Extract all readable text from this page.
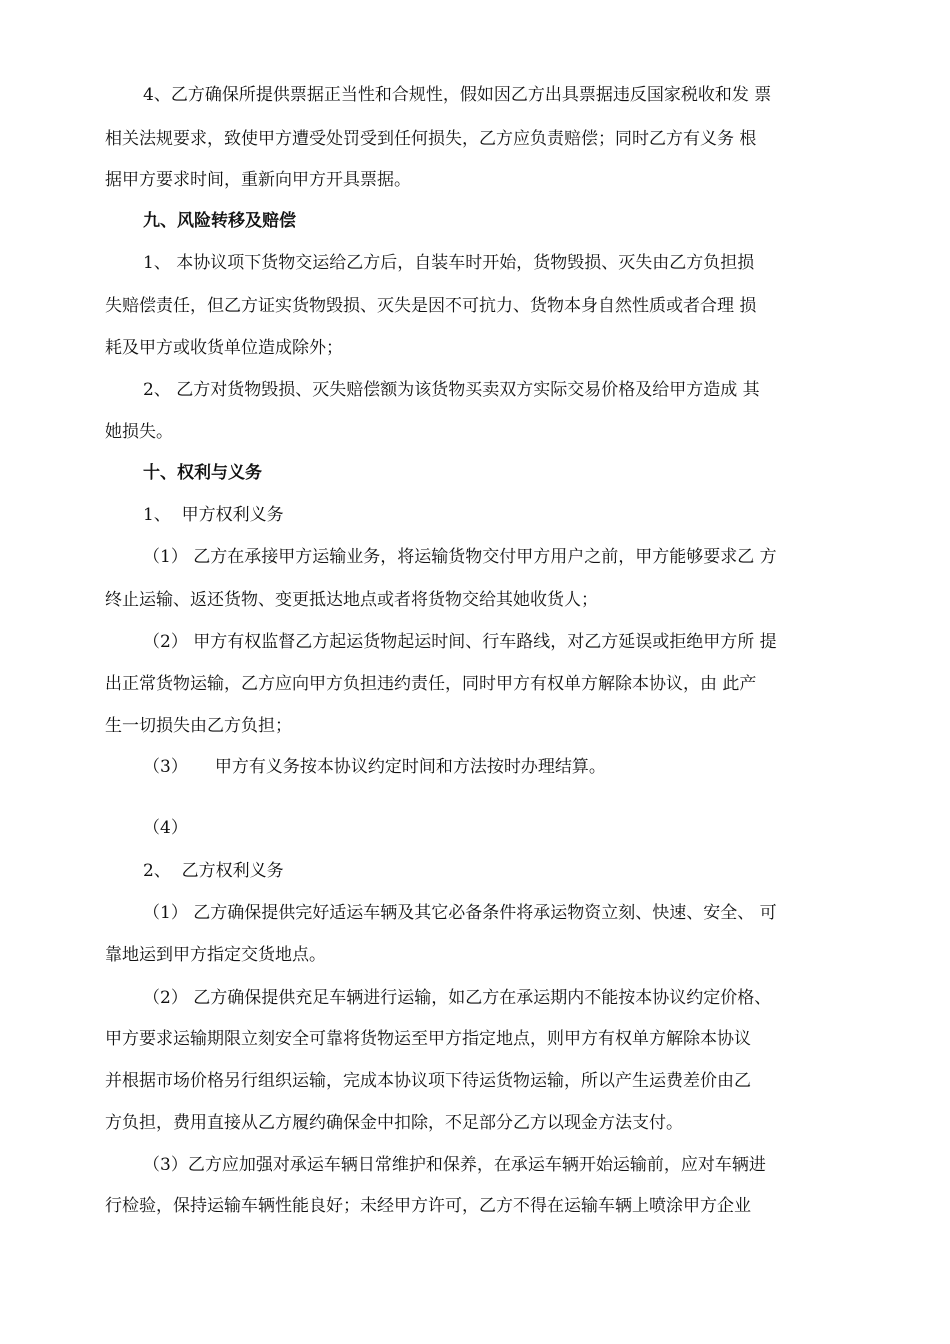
4、乙方确保所提供票据正当性和合规性，假如因乙方出具票据违反国家税收和发 票
相关法规要求，致使甲方遭受处罚受到任何损失，乙方应负责赔偿；同时乙方有义务 根
据甲方要求时间，重新向甲方开具票据。
九、风险转移及赔偿
1、 本协议项下货物交运给乙方后，自装车时开始，货物毁损、灭失由乙方负担损
失赔偿责任，但乙方证实货物毁损、灭失是因不可抗力、货物本身自然性质或者合理 损
耗及甲方或收货单位造成除外；
2、 乙方对货物毁损、灭失赔偿额为该货物买卖双方实际交易价格及给甲方造成 其
她损失。
十、权利与义务
1、  甲方权利义务
（1） 乙方在承接甲方运输业务，将运输货物交付甲方用户之前，甲方能够要求乙 方
终止运输、返还货物、变更抵达地点或者将货物交给其她收货人；
（2） 甲方有权监督乙方起运货物起运时间、行车路线，对乙方延误或拒绝甲方所 提
出正常货物运输，乙方应向甲方负担违约责任，同时甲方有权单方解除本协议，由 此产
生一切损失由乙方负担；
（3）     甲方有义务按本协议约定时间和方法按时办理结算。
（4）
2、  乙方权利义务
（1） 乙方确保提供完好适运车辆及其它必备条件将承运物资立刻、快速、安全、 可
靠地运到甲方指定交货地点。
（2） 乙方确保提供充足车辆进行运输，如乙方在承运期内不能按本协议约定价格、
甲方要求运输期限立刻安全可靠将货物运至甲方指定地点，则甲方有权单方解除本协议
并根据市场价格另行组织运输，完成本协议项下待运货物运输，所以产生运费差价由乙
方负担，费用直接从乙方履约确保金中扣除，不足部分乙方以现金方法支付。
（3）乙方应加强对承运车辆日常维护和保养，在承运车辆开始运输前，应对车辆进
行检验，保持运输车辆性能良好；未经甲方许可，乙方不得在运输车辆上喷涂甲方企业
